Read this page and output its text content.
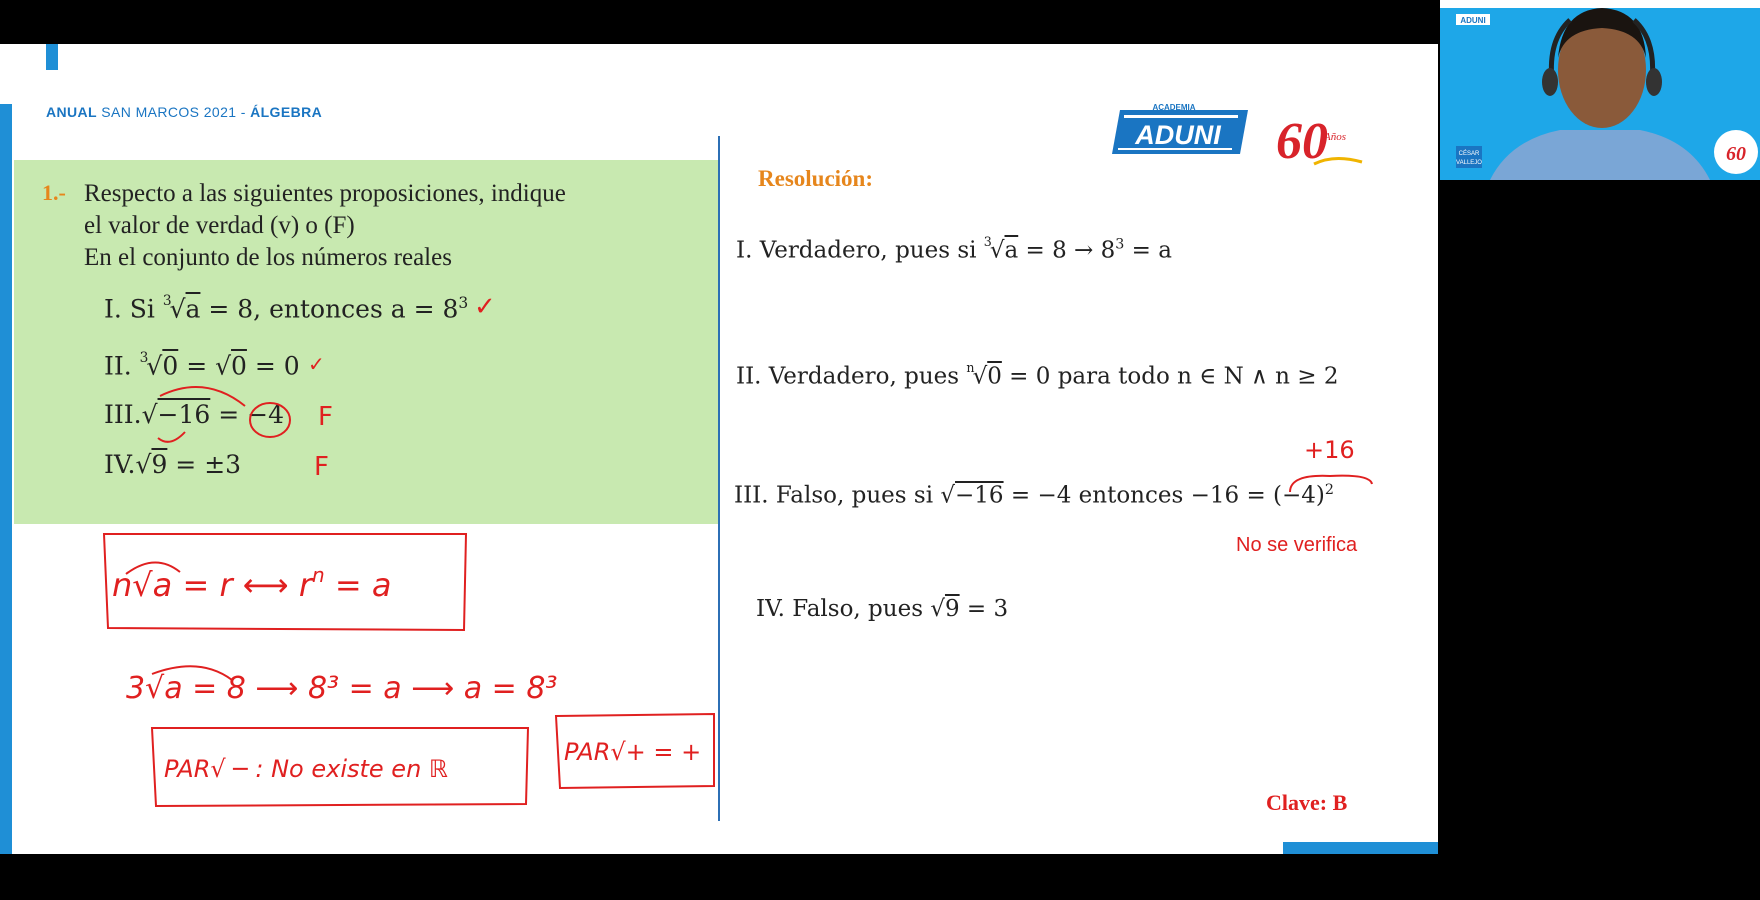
ANUAL SAN MARCOS 2021 - ÁLGEBRA	ACADEMIA
ADUNI 60
Años
1.- Respecto a las siguientes proposiciones, indique
el valor de verdad (v) o (F)
En el conjunto de los números reales
I. Si $^3$√a = 8, entonces $a = 8^3$
II. $^3$√0 = √0 = 0
III.√−16 = −4
IV.√9 = ±3
✓
✓
F
F
Resolución:
I. Verdadero, pues si $^3√a = 8 \to 8^3 = a$
II. Verdadero, pues $^n$√0 = 0 para todo n ∈ N ∧ n ≥ 2
III. Falso, pues si √−16 = −4 entonces $-16 = (-4)^2$
No se verifica
IV. Falso, pues √9 = 3
Clave: B
+16
n√a = r ⟷ $r^n = a$
3√a = 8 ⟶ 8³ = a ⟶ a = 8³
PAR√ ─ : No existe en ℝ
PAR√+ = +
ADUNI
CÉSAR
VALLEJO	60
